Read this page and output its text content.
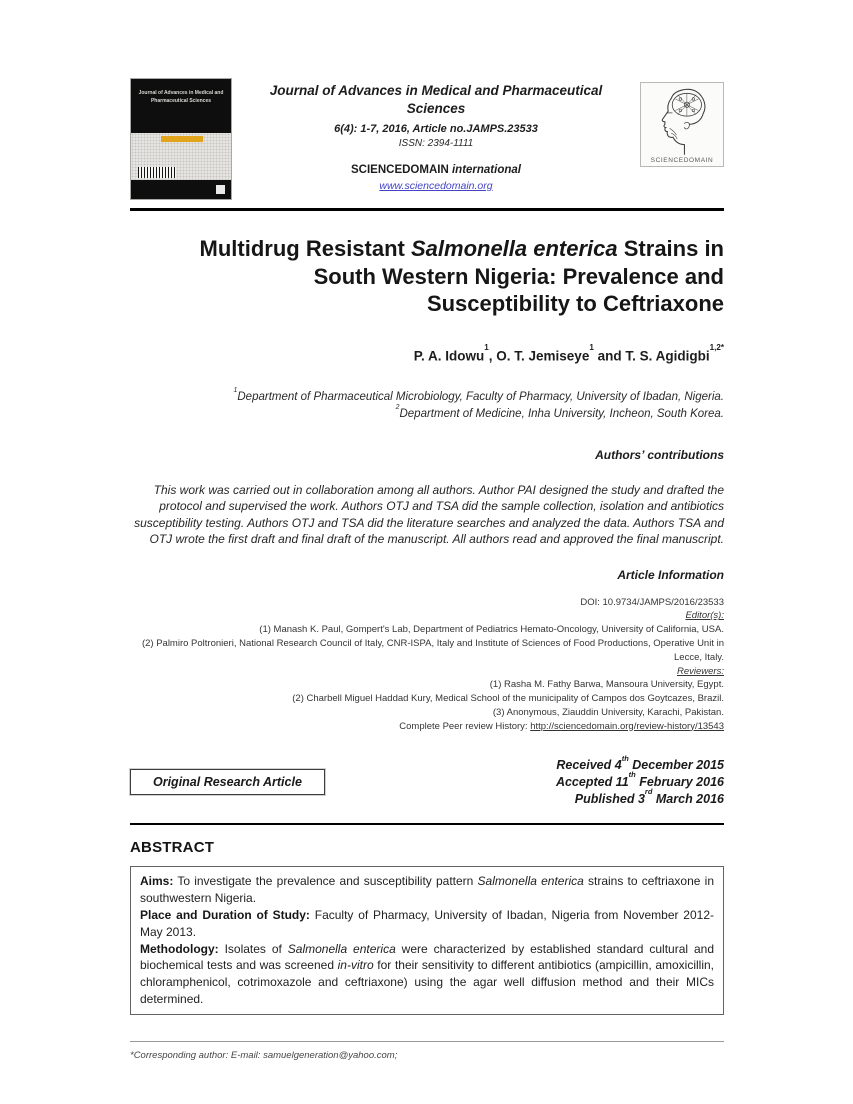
Journal of Advances in Medical and Pharmaceutical Sciences
Journal of Advances in Medical and Pharmaceutical Sciences
6(4): 1-7, 2016, Article no.JAMPS.23533
ISSN: 2394-1111
SCIENCEDOMAIN international
www.sciencedomain.org
SCIENCEDOMAIN
Multidrug Resistant Salmonella enterica Strains in
South Western Nigeria: Prevalence and
Susceptibility to Ceftriaxone
P. A. Idowu$^1$, O. T. Jemiseye$^1$ and T. S. Agidigbi$^{1,2*}$
$^1$Department of Pharmaceutical Microbiology, Faculty of Pharmacy, University of Ibadan, Nigeria.
$^2$Department of Medicine, Inha University, Incheon, South Korea.
Authors’ contributions

This work was carried out in collaboration among all authors. Author PAI designed the study and drafted the protocol and supervised the work. Authors OTJ and TSA did the sample collection, isolation and antibiotics susceptibility testing. Authors OTJ and TSA did the literature searches and analyzed the data. Authors TSA and OTJ wrote the first draft and final draft of the manuscript. All authors read and approved the final manuscript.

Article Information
DOI: 10.9734/JAMPS/2016/23533
Editor(s):
(1) Manash K. Paul, Gompert's Lab, Department of Pediatrics Hemato-Oncology, University of California, USA.
(2) Palmiro Poltronieri, National Research Council of Italy, CNR-ISPA, Italy and Institute of Sciences of Food Productions, Operative Unit in Lecce, Italy.
Reviewers:
(1) Rasha M. Fathy Barwa, Mansoura University, Egypt.
(2) Charbell Miguel Haddad Kury, Medical School of the municipality of Campos dos Goytcazes, Brazil.
(3) Anonymous, Ziauddin University, Karachi, Pakistan.
Complete Peer review History: http://sciencedomain.org/review-history/13543
Original Research Article
Received 4th December 2015
Accepted 11th February 2016
Published 3rd March 2016
ABSTRACT

Aims: To investigate the prevalence and susceptibility pattern Salmonella enterica strains to ceftriaxone in southwestern Nigeria.

Place and Duration of Study: Faculty of Pharmacy, University of Ibadan, Nigeria from November 2012-May 2013.

Methodology: Isolates of Salmonella enterica were characterized by established standard cultural and biochemical tests and was screened in-vitro for their sensitivity to different antibiotics (ampicillin, amoxicillin, chloramphenicol, cotrimoxazole and ceftriaxone) using the agar well diffusion method and their MICs determined.

*Corresponding author: E-mail: samuelgeneration@yahoo.com;
